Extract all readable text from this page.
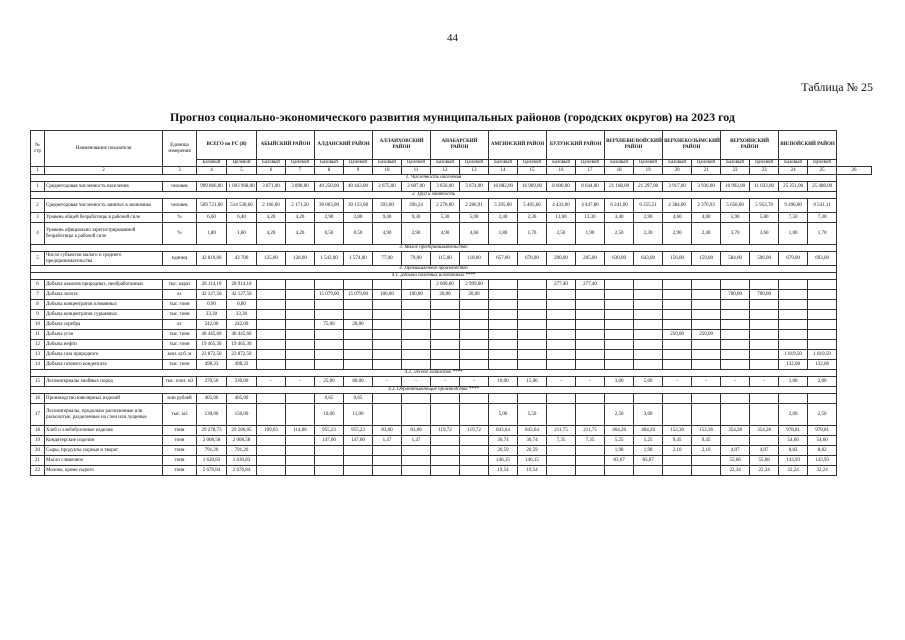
44
Таблица № 25
Прогноз социально-экономического развития муниципальных районов (городских округов) на 2023 год
№ стр	Наименование показателя	Единица измерения	ВСЕГО по РС (Я)		АБЫЙСКИЙ РАЙОН		АЛДАНСКИЙ РАЙОН		АЛЛАИХОВСКИЙ РАЙОН		АНАБАРСКИЙ РАЙОН		АМГИНСКИЙ РАЙОН		БУЛУНСКИЙ РАЙОН		ВЕРХНЕВИЛЮЙСКИЙ РАЙОН		ВЕРХНЕКОЛЫМСКИЙ РАЙОН		ВЕРХОЯНСКИЙ РАЙОН		ВИЛЮЙСКИЙ РАЙОН		
			Базовый	Целевой	Базовый	Целевой	Базовый	Целевой	Базовый	Целевой	Базовый	Целевой	Базовый	Целевой	Базовый	Целевой	Базовый	Целевой	Базовый	Целевой	Базовый	Целевой	Базовый	Целевой	
1	2	3	4	5	6	7	8	9	10	11	12	13	14	15	16	17	18	19	20	21	22	23	24	25	26
1. Численность населения																									
1	Среднегодовая численность населения	человек	999 866,00	1 003 968,00	3 871,00	3 898,00	40 250,00	40 443,00	2 675,00	2 687,00	3 656,00	3 674,00	16 882,00	16 969,00	8 600,00	8 644,00	21 168,00	21 297,00	3 917,00	3 936,00	10 992,00	11 033,00	25 251,00	25 408,00	
2. Труд и занятость																									
2	Среднегодовая численность занятых в экономике	человек	509 721,00	514 538,66	2 166,00	2 171,20	30 063,00	30 133,98	393,00	396,24	2 278,00	2 286,91	5 395,00	5 405,66	4 433,00	4 447,80	6 241,00	6 255,51	2 384,00	2 376,93	5 658,00	5 953,78	9 496,00	9 541,11	
3	Уровень общей безработицы в рабочей силе	%	6,60	6,40	4,20	4,20	2,90	2,80	9,40	9,30	5,30	5,00	2,40	2,30	13,60	13,30	3,40	2,90	4,60	4,00	5,90	5,80	7,50	7,30	
4	Уровень официально зарегистрированной безработицы к рабочей силе	%	1,80	1,80	4,20	4,20	0,50	0,50	4,90	2,90	4,90	4,60	1,80	1,70	2,50	1,90	2,50	2,30	2,90	2,40	3,70	3,60	1,80	1,70	
3. Малое предпринимательство																									
5	Число субъектов малого и среднего предпринимательства	единиц	42 810,00	43 700	125,00	128,00	1 543,00	1 574,00	77,00	79,00	115,00	118,00	657,00	670,00	200,00	205,00	630,00	643,00	156,00	159,00	584,00	596,00	679,00	693,00	
4. Промышленное производство																									
4.1. Добыча полезных ископаемых ****																									
6	Добыча алмазов природных, необработанных	тыс. карат	28 114,10	28 914,10							2 600,60	2 999,60			277,40	277,40									
7	Добыча золота	кг	42 127,50	42 127,50			15 079,00	15 079,00	106,00	100,00	20,00	20,00									700,00	700,00			
8	Добыча концентратов оловянных	тыс. тонн	0,90	0,80																					
9	Добыча концентратов сурьмяных	тыс. тонн	33,30	33,30																					
10	Добыча серебра	кг	242,00	242,00			75,00	20,00																	
11	Добыча угля	тыс. тонн	40 445,60	40 445,60															250,00	250,00					
12	Добыча нефти	тыс. тонн	19 465,30	19 465,30																					
13	Добыча газа природного	млн. куб. м	23 872,50	23 872,50																			1 819,50	1 819,50	
14	Добыча газового конденсата	тыс. тонн	498,33	498,33																			132,08	132,06	
4.2. Лесное хозяйство ****																									
15	Лесоматериалы хвойных пород	тыс. плот. м3	270,50	330,00	-	-	25,00	80,00	-	-	-	-	10,00	15,00	-	-	3,00	5,00	-	-	-	-	1,00	2,00	
4.3. Обрабатывающие производства ****																									
16	Производство ювелирных изделий	млн рублей	405,00	405,00			0,65	0,65																	
17	Лесоматериалы, продольно распиленные или расколотые, разделенные на слои или лущеные	тыс. м3	130,00	150,00			10,00	11,00					5,00	5,50			2,50	3,00					2,00	2,50	
18	Хлеб и хлебобулочные изделия	тонн	29 278,73	29 286,05	109,63	114,06	955,23	955,23	83,00	83,00	119,72	119,72	843,64	843,64	211,75	211,75	464,26	464,26	152,30	152,36	354,28	354,28	978,81	978,81	
19	Кондитерские изделия	тонн	2 008,58	2 008,58			147,00	147,00	1,47	1,47			36,74	36,74	7,35	7,35	5,25	5,25	9,45	9,45			54,60	54,60	
20	Сыры, продукты сырные и творог	тонн	791,26	791,26									20,59	20,59			1,98	1,98	2,10	2,10	4,07	4,07	8,82	8,82	
21	Масло сливочное	тонн	1 630,83	1 630,83									146,15	146,15			83,67	83,67			55,68	55,68	143,93	143,93	
22	Молоко, кроме сырого	тонн	2 676,84	2 676,84									19,54	19,54							22,34	22,34	32,24	32,24	
